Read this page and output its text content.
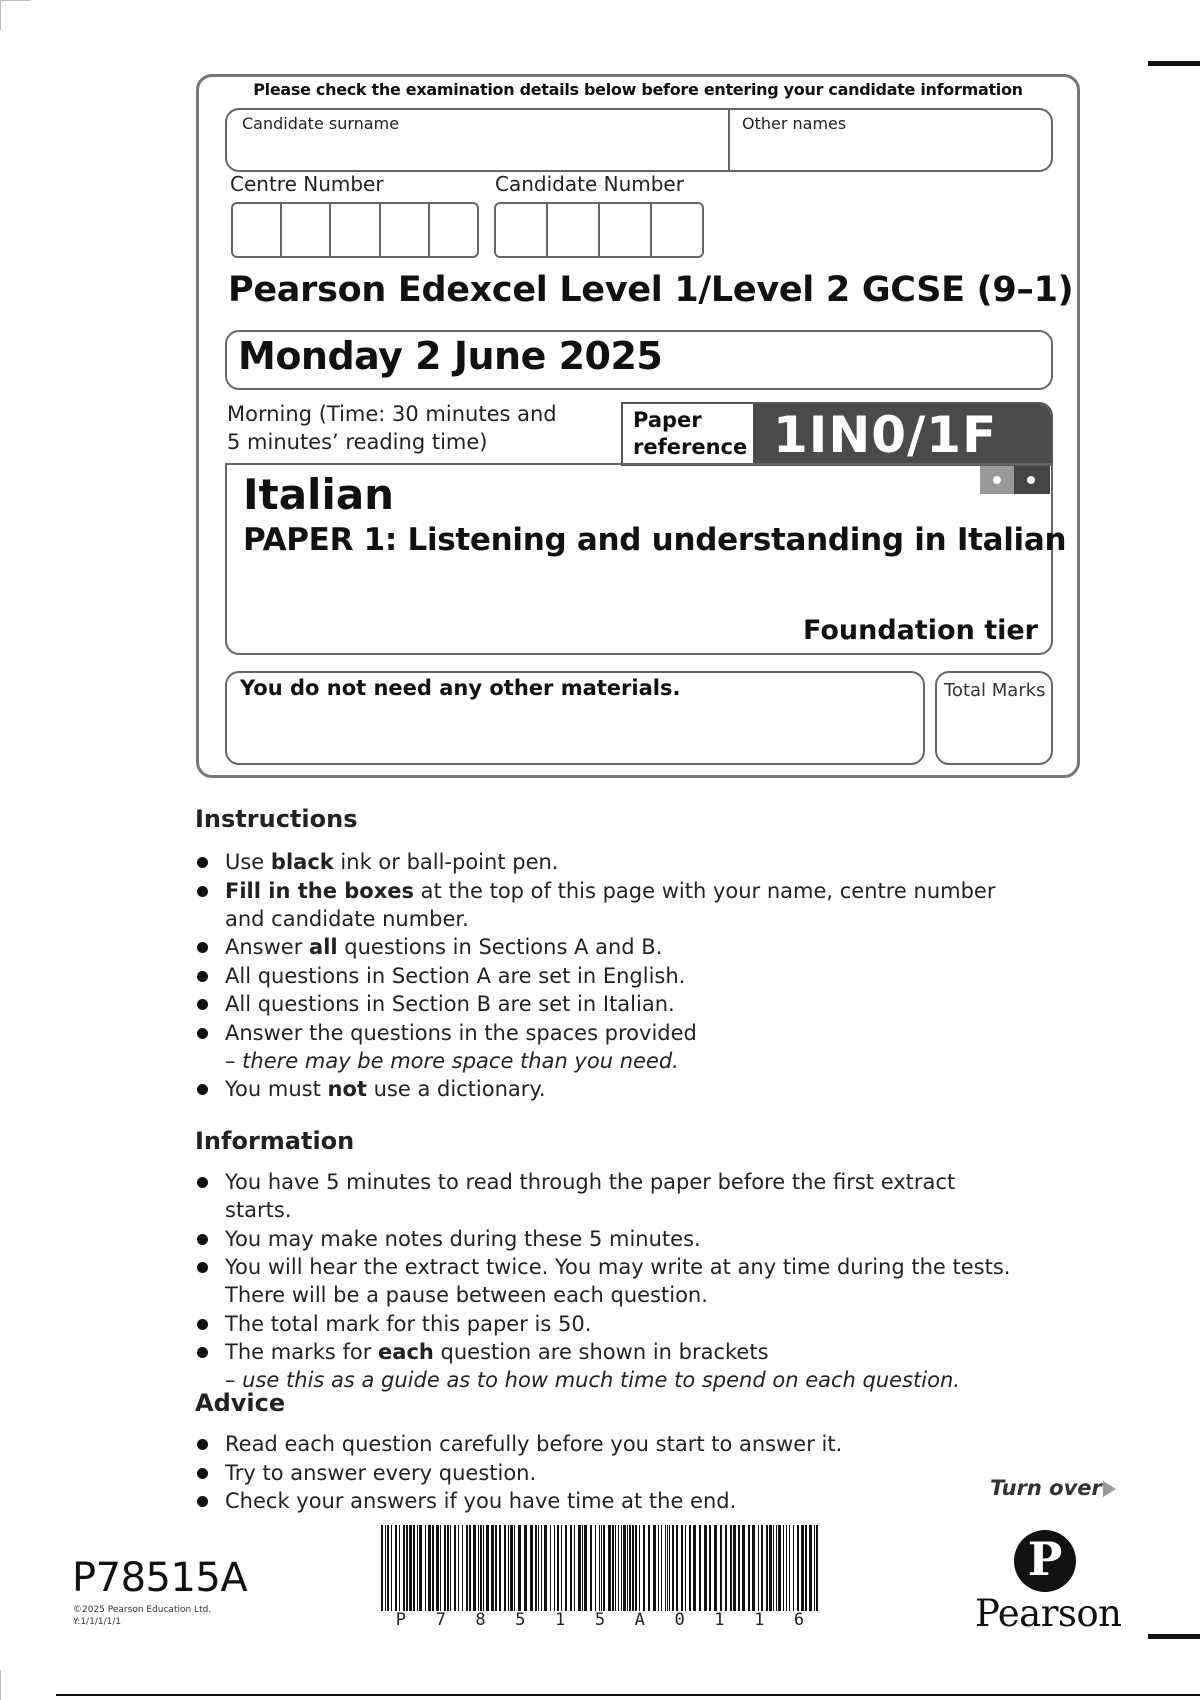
Please check the examination details below before entering your candidate information
Candidate surname	Other names
Centre Number	Candidate Number
Pearson Edexcel Level 1/Level 2 GCSE (9–1)
Monday 2 June 2025
Morning (Time: 30 minutes and
5 minutes’ reading time)
Paper
reference 1IN0/1F
Italian
PAPER 1: Listening and understanding in Italian
Foundation tier
You do not need any other materials.	Total Marks
Instructions
Use black ink or ball-point pen.
Fill in the boxes at the top of this page with your name, centre number and candidate number.
Answer all questions in Sections A and B.
All questions in Section A are set in English.
All questions in Section B are set in Italian.
Answer the questions in the spaces provided
– there may be more space than you need.
You must not use a dictionary.
Information
You have 5 minutes to read through the paper before the first extract starts.
You may make notes during these 5 minutes.
You will hear the extract twice. You may write at any time during the tests. There will be a pause between each question.
The total mark for this paper is 50.
The marks for each question are shown in brackets
– use this as a guide as to how much time to spend on each question.
Advice
Read each question carefully before you start to answer it.
Try to answer every question.
Check your answers if you have time at the end.
Turn over
P78515A
©2025 Pearson Education Ltd.
Y:1/1/1/1/1	P 7 8 5 1 5 A 0 1 1 6
P
Pearson
